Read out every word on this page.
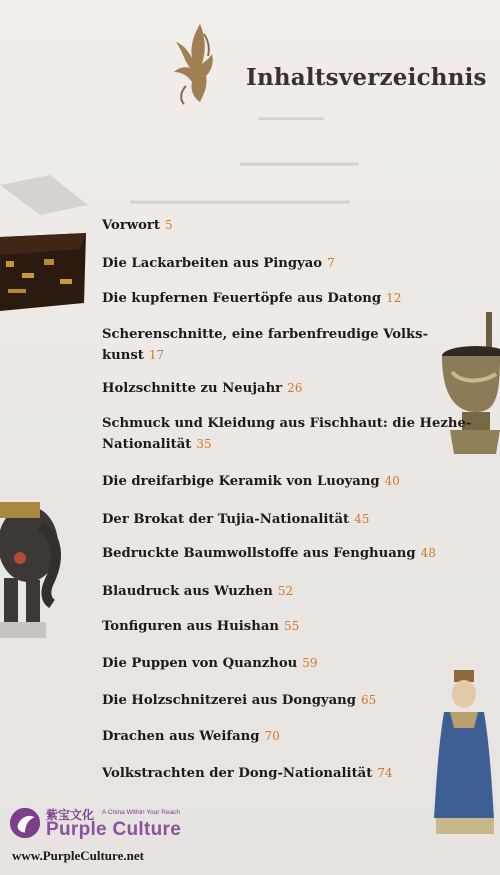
▁▁▁▁▁
▂▂▂▂▂▂▂▂▂▂▂▂▂▂
▂▂▂▂▂▂▂▂▂▂▂▂▂▂▂▂▂▂▂▂▂▂▂▂▂▂
Inhaltsverzeichnis
Vorwort 5
Die Lackarbeiten aus Pingyao 7
Die kupfernen Feuertöpfe aus Datong 12
Scherenschnitte, eine farbenfreudige Volks-
kunst 17
Holzschnitte zu Neujahr 26
Schmuck und Kleidung aus Fischhaut: die Hezhe-
Nationalität 35
Die dreifarbige Keramik von Luoyang 40
Der Brokat der Tujia-Nationalität 45
Bedruckte Baumwollstoffe aus Fenghuang 48
Blaudruck aus Wuzhen 52
Tonfiguren aus Huishan 55
Die Puppen von Quanzhou 59
Die Holzschnitzerei aus Dongyang 65
Drachen aus Weifang 70
Volkstrachten der Dong-Nationalität 74
紫宝文化 A China Within Your Reach
Purple Culture
www.PurpleCulture.net
